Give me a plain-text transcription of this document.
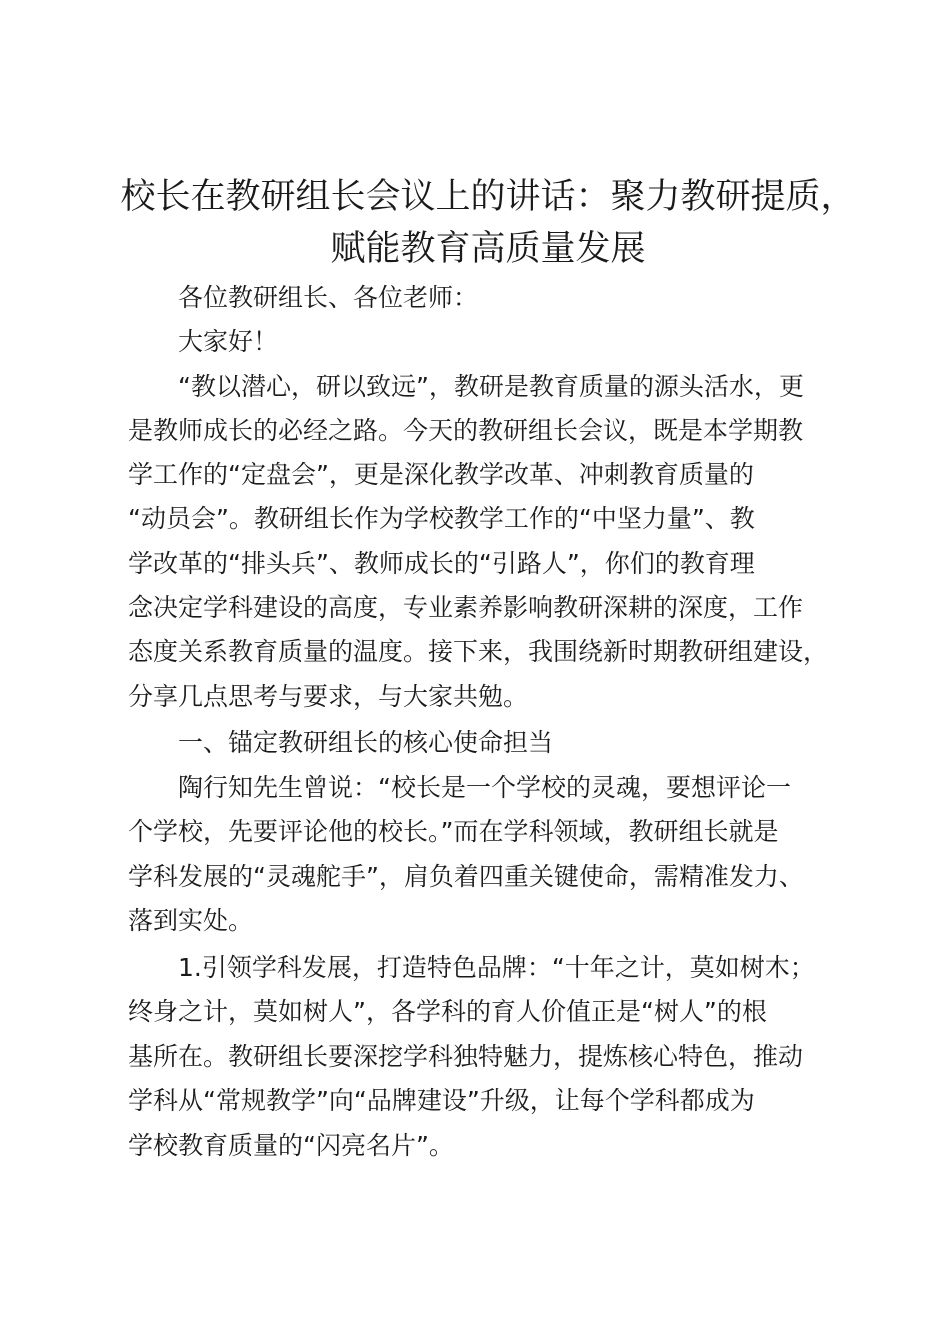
校长在教研组长会议上的讲话：聚力教研提质，
赋能教育高质量发展

各位教研组长、各位老师：

大家好！

“教以潜心，研以致远”，教研是教育质量的源头活水，更

是教师成长的必经之路。今天的教研组长会议，既是本学期教

学工作的“定盘会”，更是深化教学改革、冲刺教育质量的

“动员会”。教研组长作为学校教学工作的“中坚力量”、教

学改革的“排头兵”、教师成长的“引路人”，你们的教育理

念决定学科建设的高度，专业素养影响教研深耕的深度，工作

态度关系教育质量的温度。接下来，我围绕新时期教研组建设，

分享几点思考与要求，与大家共勉。

一、锚定教研组长的核心使命担当

陶行知先生曾说：“校长是一个学校的灵魂，要想评论一

个学校，先要评论他的校长。”而在学科领域，教研组长就是

学科发展的“灵魂舵手”，肩负着四重关键使命，需精准发力、

落到实处。

1.引领学科发展，打造特色品牌：“十年之计，莫如树木；

终身之计，莫如树人”，各学科的育人价值正是“树人”的根

基所在。教研组长要深挖学科独特魅力，提炼核心特色，推动

学科从“常规教学”向“品牌建设”升级，让每个学科都成为

学校教育质量的“闪亮名片”。
